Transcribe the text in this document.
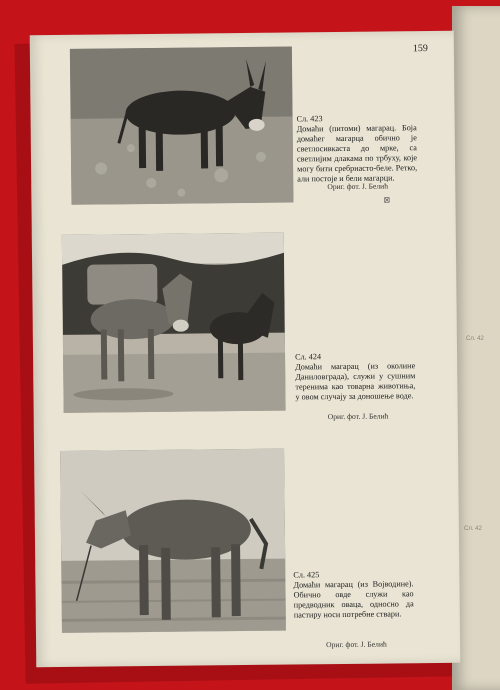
Сл. 42
Сл. 42
159
Сл. 423
Домаћи (питоми) магарац. Боја домаћег магарца обично је светлосивкаста до мрке, са светлијим длакама по трбуху, које могу бити сребрнасто-беле. Ретко, али постоје и бели магарци.
Ориг. фот. Ј. Белић
⊠
Сл. 424
Домаћи магарац (из околине Даниловграда), служи у сушним теренима као товарна животиња, у овом случају за доношење воде.
Ориг. фот. Ј. Белић
Сл. 425
Домаћи магарац (из Војводине). Обично овде служи као предводник оваца, односно да пастиру носи потребне ствари.
Ориг. фот. Ј. Белић
